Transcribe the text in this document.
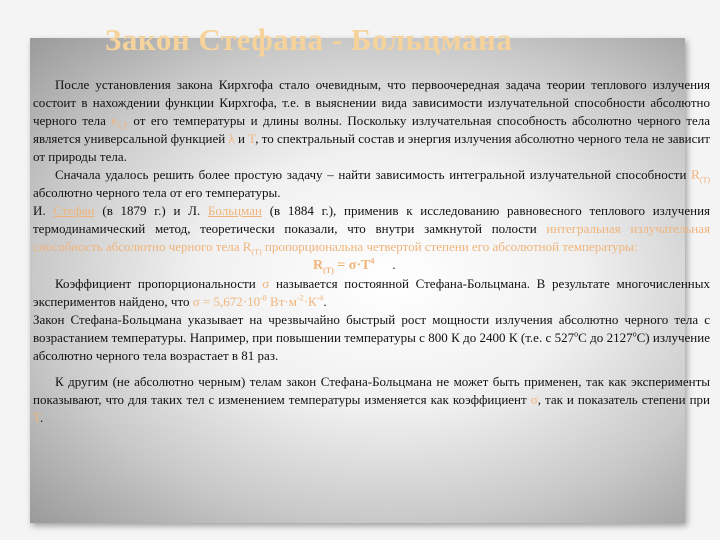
Закон Стефана - Больцмана

После установления закона Кирхгофа стало очевидным, что первоочередная задача теории теплового излучения состоит в нахождении функции Кирхгофа, т.е. в выяснении вида зависимости излучательной способности абсолютно черного тела $e_{\lambda,T}$ от его температуры и длины волны. Поскольку излучательная способность абсолютно черного тела является универсальной функцией λ и T, то спектральный состав и энергия излучения абсолютно черного тела не зависит от природы тела.

Сначала удалось решить более простую задачу – найти зависимость интегральной излучательной способности $R_{(T)}$ абсолютно черного тела от его температуры.

И. Стефан (в 1879 г.) и Л. Больцман (в 1884 г.), применив к исследованию равновесного теплового излучения термодинамический метод, теоретически показали, что внутри замкнутой полости интегральная излучательная способность абсолютно черного тела $R_{(T)}$ пропорциональна четвертой степени его абсолютной температуры:

$R_{(T)} = \sigma\cdot T^4$ .

Коэффициент пропорциональности σ называется постоянной Стефана-Больцмана. В результате многочисленных экспериментов найдено, что $\sigma = 5,672\cdot 10^{-8}$ $Вт\cdot м^{-2}\cdot К^{-4}$.

Закон Стефана-Больцмана указывает на чрезвычайно быстрый рост мощности излучения абсолютно черного тела с возрастанием температуры. Например, при повышении температуры с 800 К до 2400 К (т.е. с $527^оС$ до $2127^оС$) излучение абсолютно черного тела возрастает в 81 раз.

К другим (не абсолютно черным) телам закон Стефана-Больцмана не может быть применен, так как эксперименты показывают, что для таких тел с изменением температуры изменяется как коэффициент σ, так и показатель степени при T.
